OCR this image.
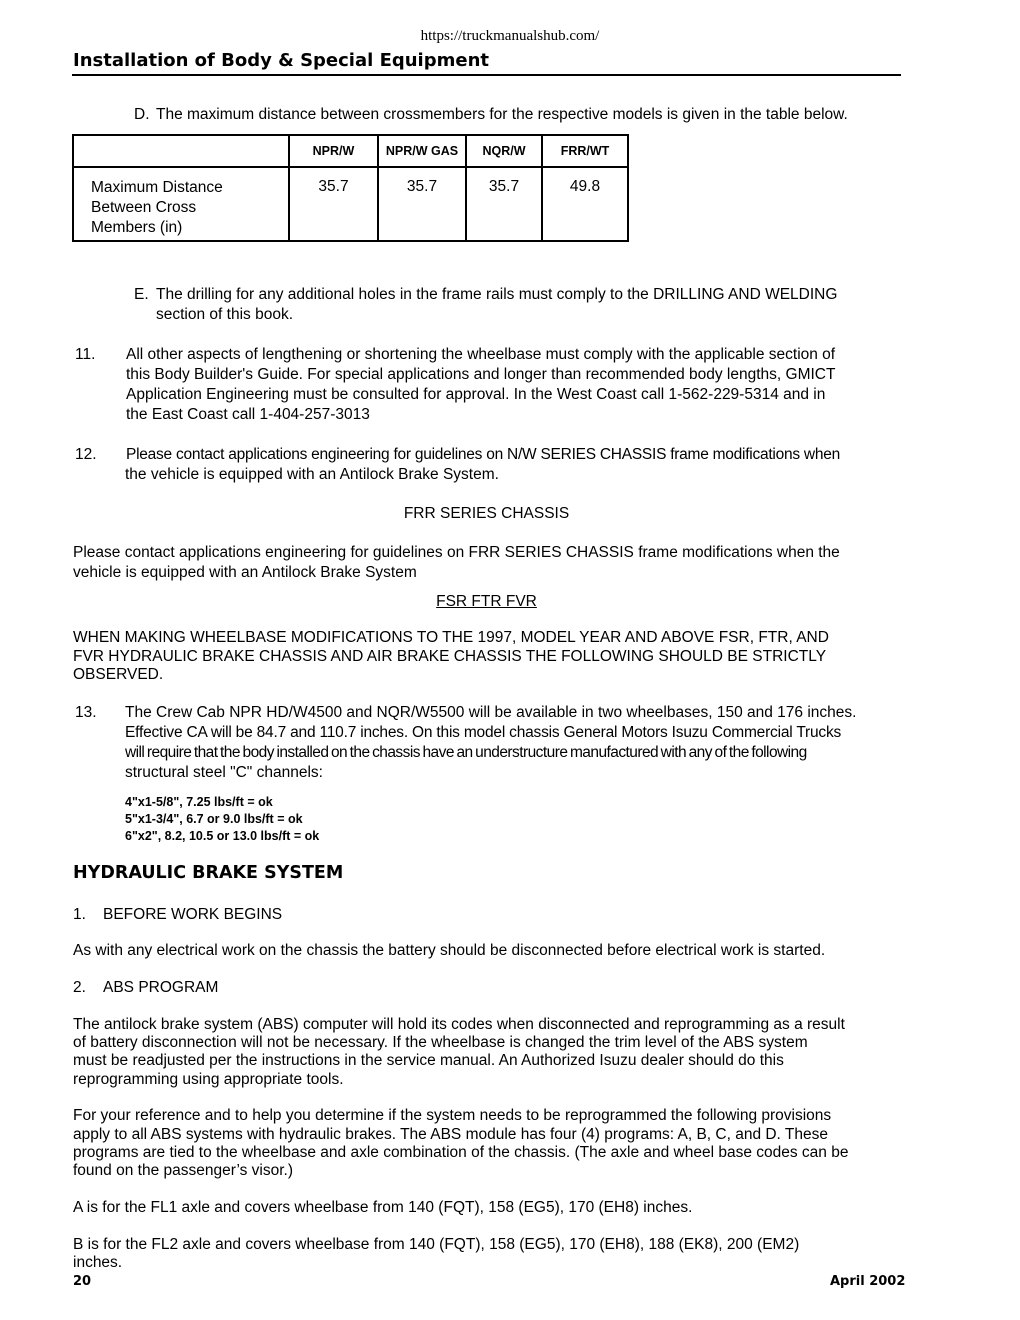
https://truckmanualshub.com/
Installation of Body & Special Equipment
D. The maximum distance between crossmembers for the respective models is given in the table below.
	NPR/W	NPR/W GAS	NQR/W	FRR/WT

Maximum Distance
Between Cross
Members (in)	35.7	35.7	35.7	49.8
E. The drilling for any additional holes in the frame rails must comply to the DRILLING AND WELDING
section of this book.
11. All other aspects of lengthening or shortening the wheelbase must comply with the applicable section of
this Body Builder's Guide. For special applications and longer than recommended body lengths, GMICT
Application Engineering must be consulted for approval. In the West Coast call 1-562-229-5314 and in
the East Coast call 1-404-257-3013
12. Please contact applications engineering for guidelines on N/W SERIES CHASSIS frame modifications when
the vehicle is equipped with an Antilock Brake System.
FRR SERIES CHASSIS
Please contact applications engineering for guidelines on FRR SERIES CHASSIS frame modifications when the
vehicle is equipped with an Antilock Brake System
FSR FTR FVR
WHEN MAKING WHEELBASE MODIFICATIONS TO THE 1997, MODEL YEAR AND ABOVE FSR, FTR, AND
FVR HYDRAULIC BRAKE CHASSIS AND AIR BRAKE CHASSIS THE FOLLOWING SHOULD BE STRICTLY
OBSERVED.
13. The Crew Cab NPR HD/W4500 and NQR/W5500 will be available in two wheelbases, 150 and 176 inches.
Effective CA will be 84.7 and 110.7 inches. On this model chassis General Motors Isuzu Commercial Trucks
will require that the body installed on the chassis have an understructure manufactured with any of the following
structural steel "C" channels:
4"x1-5/8", 7.25 lbs/ft = ok
5"x1-3/4", 6.7 or 9.0 lbs/ft = ok
6"x2", 8.2, 10.5 or 13.0 lbs/ft = ok
HYDRAULIC BRAKE SYSTEM
1. BEFORE WORK BEGINS
As with any electrical work on the chassis the battery should be disconnected before electrical work is started.
2. ABS PROGRAM
The antilock brake system (ABS) computer will hold its codes when disconnected and reprogramming as a result
of battery disconnection will not be necessary. If the wheelbase is changed the trim level of the ABS system
must be readjusted per the instructions in the service manual. An Authorized Isuzu dealer should do this
reprogramming using appropriate tools.
For your reference and to help you determine if the system needs to be reprogrammed the following provisions
apply to all ABS systems with hydraulic brakes. The ABS module has four (4) programs: A, B, C, and D. These
programs are tied to the wheelbase and axle combination of the chassis. (The axle and wheel base codes can be
found on the passenger’s visor.)
A is for the FL1 axle and covers wheelbase from 140 (FQT), 158 (EG5), 170 (EH8) inches.
B is for the FL2 axle and covers wheelbase from 140 (FQT), 158 (EG5), 170 (EH8), 188 (EK8), 200 (EM2)
inches.
20	April 2002
